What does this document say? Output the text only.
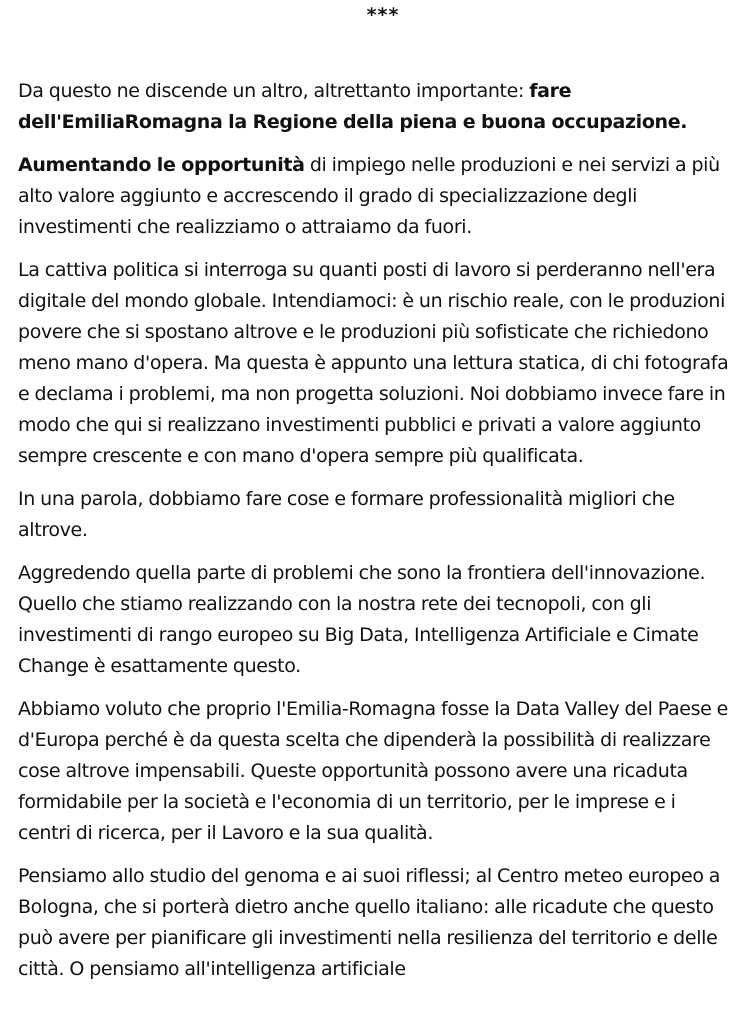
***

Da questo ne discende un altro, altrettanto importante: fare dell'EmiliaRomagna la Regione della piena e buona occupazione.

Aumentando le opportunità di impiego nelle produzioni e nei servizi a più alto valore aggiunto e accrescendo il grado di specializzazione degli investimenti che realizziamo o attraiamo da fuori.

La cattiva politica si interroga su quanti posti di lavoro si perderanno nell'era digitale del mondo globale. Intendiamoci: è un rischio reale, con le produzioni povere che si spostano altrove e le produzioni più sofisticate che richiedono meno mano d'opera. Ma questa è appunto una lettura statica, di chi fotografa e declama i problemi, ma non progetta soluzioni. Noi dobbiamo invece fare in modo che qui si realizzano investimenti pubblici e privati a valore aggiunto sempre crescente e con mano d'opera sempre più qualificata.

In una parola, dobbiamo fare cose e formare professionalità migliori che altrove.

Aggredendo quella parte di problemi che sono la frontiera dell'innovazione. Quello che stiamo realizzando con la nostra rete dei tecnopoli, con gli investimenti di rango europeo su Big Data, Intelligenza Artificiale e Cimate Change è esattamente questo.

Abbiamo voluto che proprio l'Emilia-Romagna fosse la Data Valley del Paese e d'Europa perché è da questa scelta che dipenderà la possibilità di realizzare cose altrove impensabili. Queste opportunità possono avere una ricaduta formidabile per la società e l'economia di un territorio, per le imprese e i centri di ricerca, per il Lavoro e la sua qualità.

Pensiamo allo studio del genoma e ai suoi riflessi; al Centro meteo europeo a Bologna, che si porterà dietro anche quello italiano: alle ricadute che questo può avere per pianificare gli investimenti nella resilienza del territorio e delle città. O pensiamo all'intelligenza artificiale
